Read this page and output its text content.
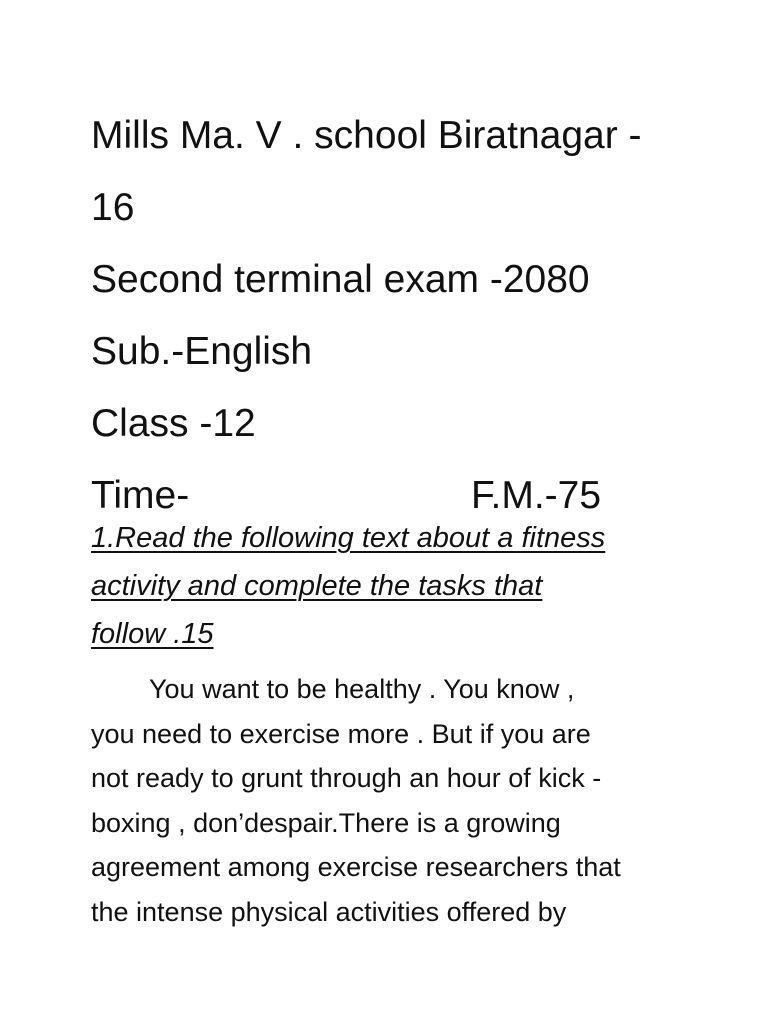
Mills Ma. V . school Biratnagar -

16

Second terminal exam -2080

Sub.-English

Class -12

Time-	F.M.-75

1.Read the following text about a fitness
activity and complete the tasks that
follow .15

You want to be healthy . You know ,
you need to exercise more . But if you are
not ready to grunt through an hour of kick -
boxing , don’despair.There is a growing
agreement among exercise researchers that
the intense physical activities offered by
